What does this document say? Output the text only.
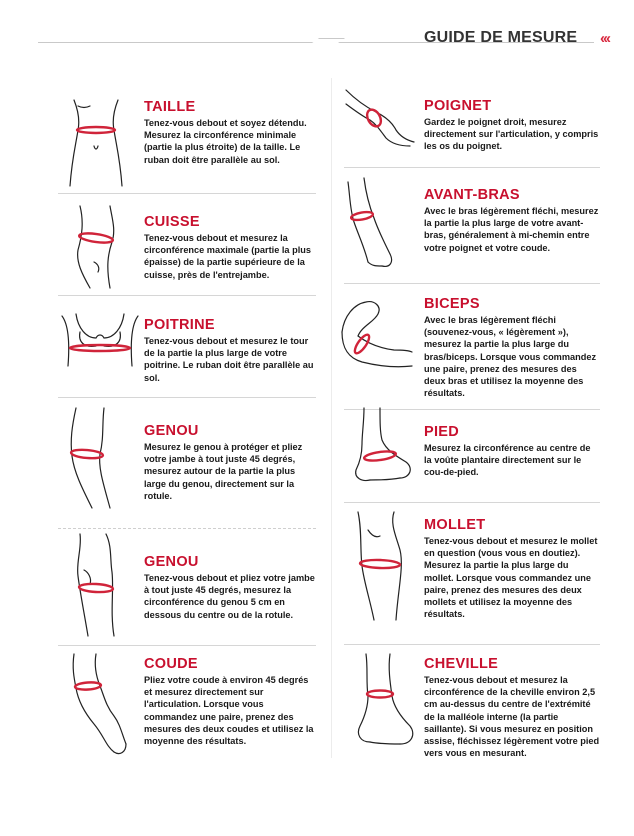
GUIDE DE MESURE ‹‹‹
TAILLE

Tenez-vous debout et soyez détendu. Mesurez la circonférence minimale (partie la plus étroite) de la taille. Le ruban doit être parallèle au sol.

CUISSE

Tenez-vous debout et mesurez la circonférence maximale (partie la plus épaisse) de la partie supérieure de la cuisse, près de l'entrejambe.

POITRINE

Tenez-vous debout et mesurez le tour de la partie la plus large de votre poitrine. Le ruban doit être parallèle au sol.

GENOU

Mesurez le genou à protéger et pliez votre jambe à tout juste 45 degrés, mesurez autour de la partie la plus large du genou, directement sur la rotule.

GENOU

Tenez-vous debout et pliez votre jambe à tout juste 45 degrés, mesurez la circonférence du genou 5 cm en dessous du centre ou de la rotule.

COUDE

Pliez votre coude à environ 45 degrés et mesurez directement sur l'articulation. Lorsque vous commandez une paire, prenez des mesures des deux coudes et utilisez la moyenne des résultats.

POIGNET

Gardez le poignet droit, mesurez directement sur l'articulation, y compris les os du poignet.

AVANT-BRAS

Avec le bras légèrement fléchi, mesurez la partie la plus large de votre avant-bras, généralement à mi-chemin entre votre poignet et votre coude.

BICEPS

Avec le bras légèrement fléchi (souvenez-vous, « légèrement »), mesurez la partie la plus large du bras/biceps. Lorsque vous commandez une paire, prenez des mesures des deux bras et utilisez la moyenne des résultats.

PIED

Mesurez la circonférence au centre de la voûte plantaire directement sur le cou-de-pied.

MOLLET

Tenez-vous debout et mesurez le mollet en question (vous vous en doutiez). Mesurez la partie la plus large du mollet. Lorsque vous commandez une paire, prenez des mesures des deux mollets et utilisez la moyenne des résultats.

CHEVILLE

Tenez-vous debout et mesurez la circonférence de la cheville environ 2,5 cm au-dessus du centre de l'extrémité de la malléole interne (la partie saillante). Si vous mesurez en position assise, fléchissez légèrement votre pied vers vous en mesurant.
